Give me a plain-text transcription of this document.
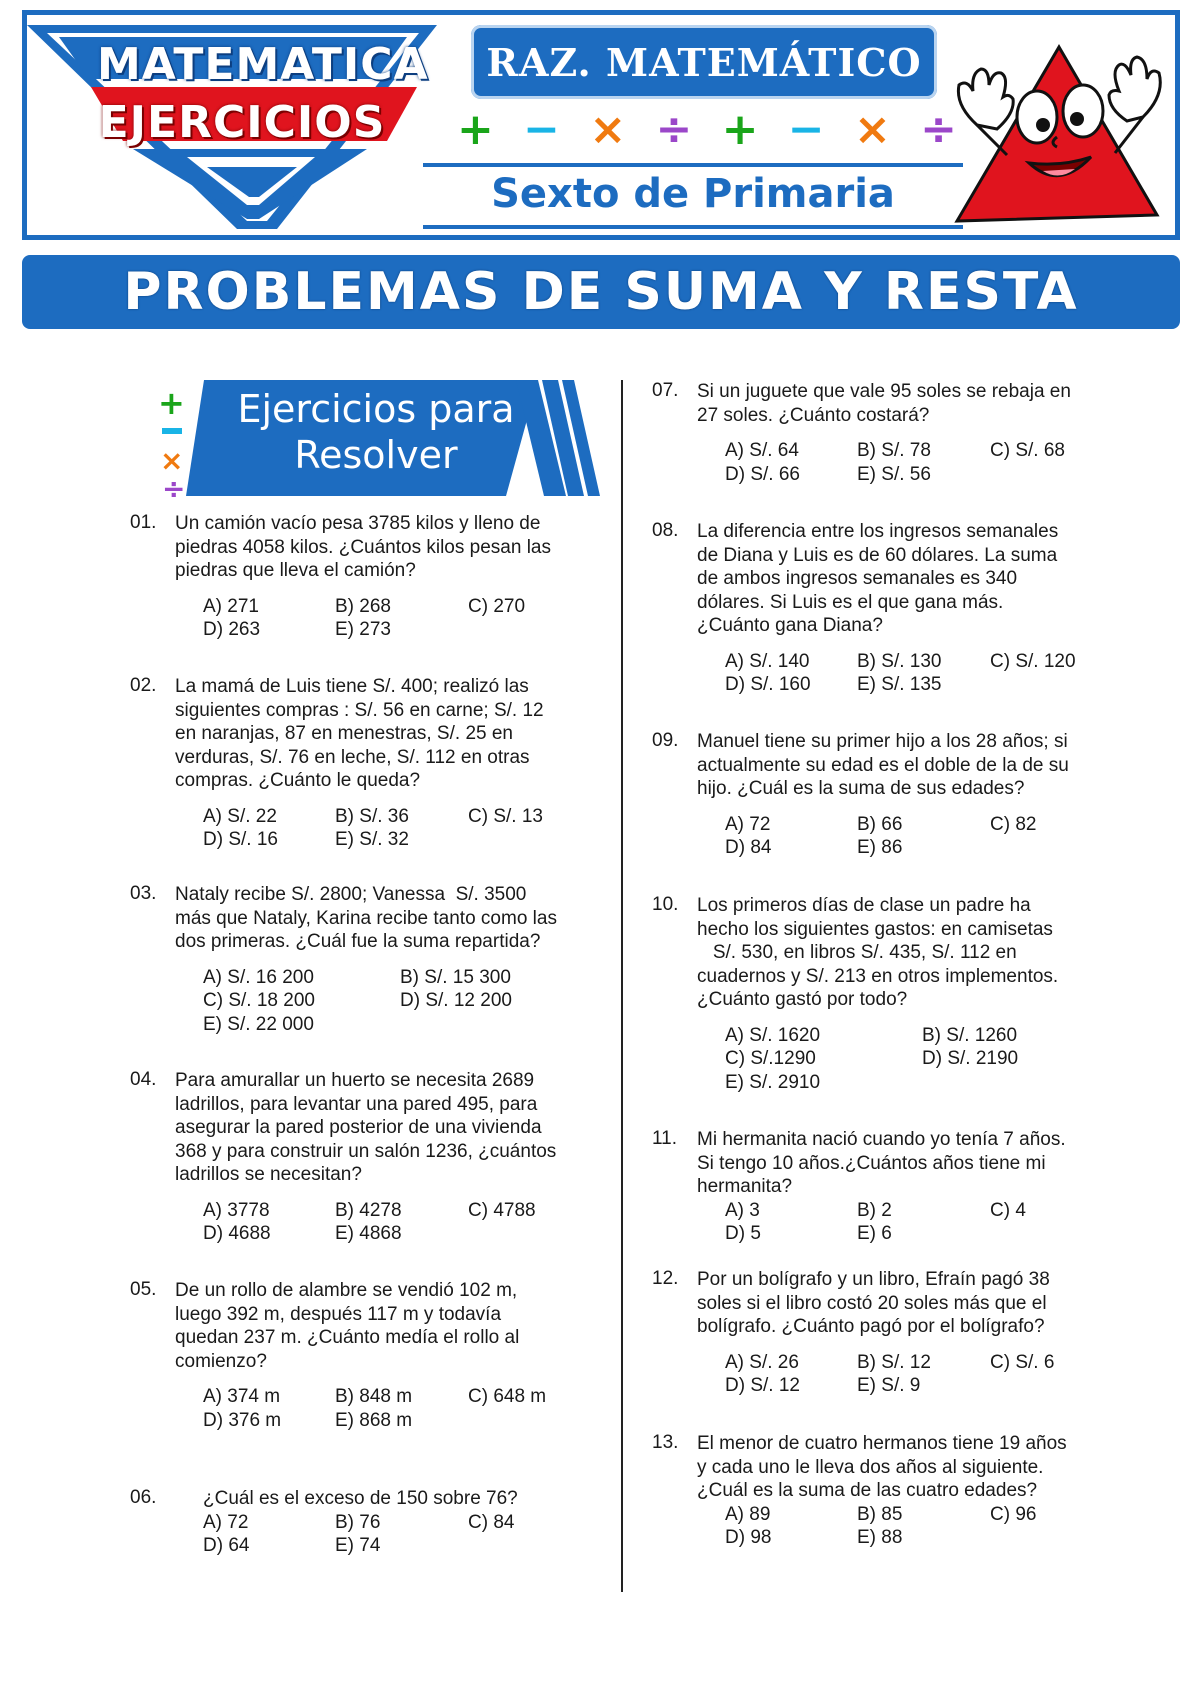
MATEMATICA
EJERCICIOS
RAZ. MATEMÁTICO
+ − × ÷ + − × ÷
Sexto de Primaria
PROBLEMAS DE SUMA Y RESTA
+
×
÷
Ejercicios para
Resolver
01. Un camión vacío pesa 3785 kilos y lleno de
piedras 4058 kilos. ¿Cuántos kilos pesan las
piedras que lleva el camión?
A) 271	B) 268	C) 270
D) 263	E) 273
02. La mamá de Luis tiene S/. 400; realizó las
siguientes compras : S/. 56 en carne; S/. 12
en naranjas, 87 en menestras, S/. 25 en
verduras, S/. 76 en leche, S/. 112 en otras
compras. ¿Cuánto le queda?
A) S/. 22	B) S/. 36	C) S/. 13
D) S/. 16	E) S/. 32
03. Nataly recibe S/. 2800; Vanessa  S/. 3500
más que Nataly, Karina recibe tanto como las
dos primeras. ¿Cuál fue la suma repartida?
A) S/. 16 200	B) S/. 15 300
C) S/. 18 200	D) S/. 12 200
E) S/. 22 000
04. Para amurallar un huerto se necesita 2689
ladrillos, para levantar una pared 495, para
asegurar la pared posterior de una vivienda
368 y para construir un salón 1236, ¿cuántos
ladrillos se necesitan?
A) 3778	B) 4278	C) 4788
D) 4688	E) 4868
05. De un rollo de alambre se vendió 102 m,
luego 392 m, después 117 m y todavía
quedan 237 m. ¿Cuánto medía el rollo al
comienzo?
A) 374 m	B) 848 m	C) 648 m
D) 376 m	E) 868 m
06. ¿Cuál es el exceso de 150 sobre 76?
A) 72	B) 76	C) 84
D) 64	E) 74
07. Si un juguete que vale 95 soles se rebaja en
27 soles. ¿Cuánto costará?
A) S/. 64	B) S/. 78	C) S/. 68
D) S/. 66	E) S/. 56
08. La diferencia entre los ingresos semanales
de Diana y Luis es de 60 dólares. La suma
de ambos ingresos semanales es 340
dólares. Si Luis es el que gana más.
¿Cuánto gana Diana?
A) S/. 140	B) S/. 130	C) S/. 120
D) S/. 160 E) S/. 135
09. Manuel tiene su primer hijo a los 28 años; si
actualmente su edad es el doble de la de su
hijo. ¿Cuál es la suma de sus edades?
A) 72	B) 66	C) 82
D) 84	E) 86
10. Los primeros días de clase un padre ha
hecho los siguientes gastos: en camisetas
S/. 530, en libros S/. 435, S/. 112 en
cuadernos y S/. 213 en otros implementos.
¿Cuánto gastó por todo?
A) S/. 1620	B) S/. 1260
C) S/.1290	D) S/. 2190
E) S/. 2910
11. Mi hermanita nació cuando yo tenía 7 años.
Si tengo 10 años.¿Cuántos años tiene mi
hermanita?
A) 3	B) 2	C) 4
D) 5	E) 6
12. Por un bolígrafo y un libro, Efraín pagó 38
soles si el libro costó 20 soles más que el
bolígrafo. ¿Cuánto pagó por el bolígrafo?
A) S/. 26	B) S/. 12	C) S/. 6
D) S/. 12	E) S/. 9
13. El menor de cuatro hermanos tiene 19 años
y cada uno le lleva dos años al siguiente.
¿Cuál es la suma de las cuatro edades?
A) 89	B) 85	C) 96
D) 98	E) 88
